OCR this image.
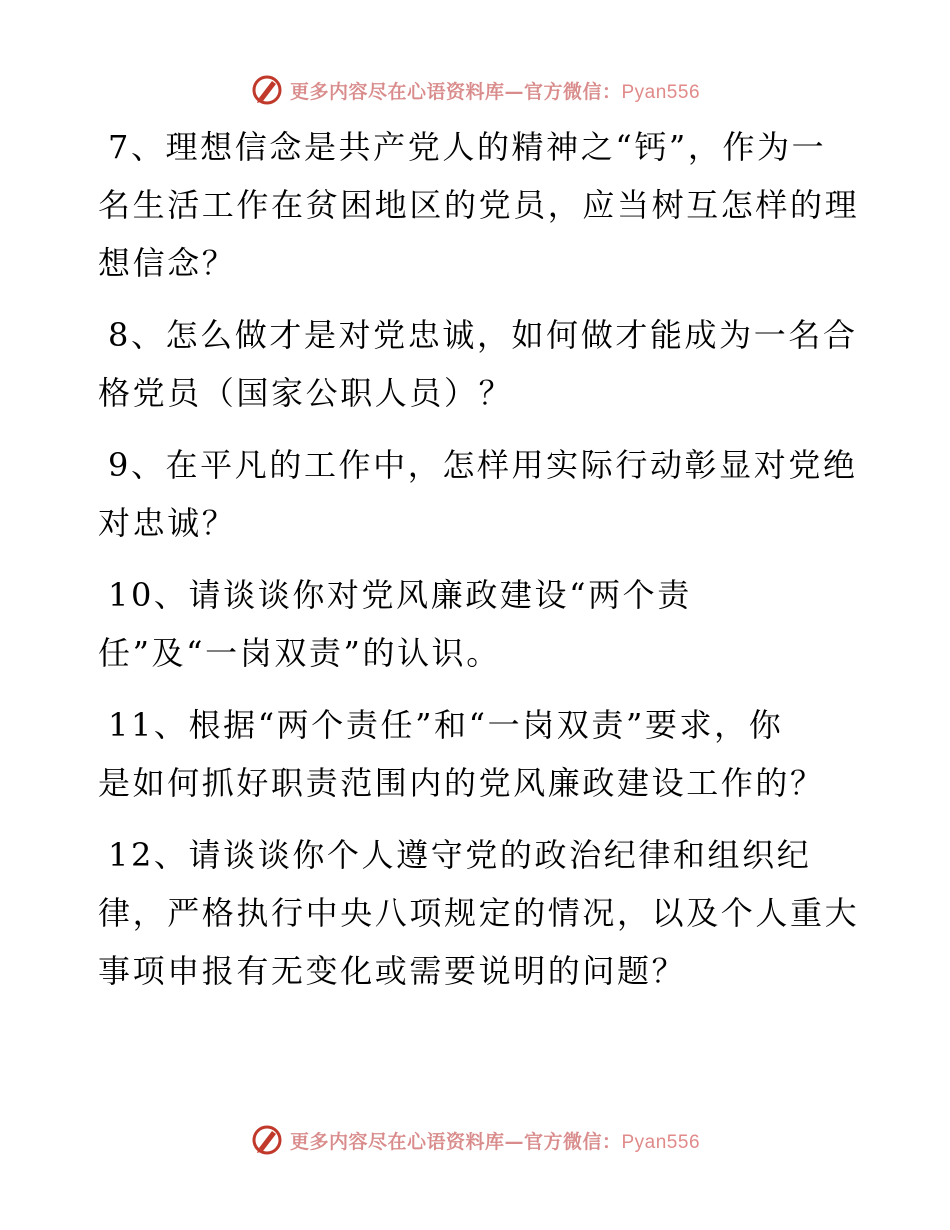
更多内容尽在心语资料库—官方微信：Pyan556
7、理想信念是共产党人的精神之“钙”，作为一
名生活工作在贫困地区的党员，应当树互怎样的理
想信念？
8、怎么做才是对党忠诚，如何做才能成为一名合
格党员（国家公职人员）？
9、在平凡的工作中，怎样用实际行动彰显对党绝
对忠诚？
10、请谈谈你对党风廉政建设“两个责
任”及“一岗双责”的认识。
11、根据“两个责任”和“一岗双责”要求，你
是如何抓好职责范围内的党风廉政建设工作的？
12、请谈谈你个人遵守党的政治纪律和组织纪
律，严格执行中央八项规定的情况，以及个人重大
事项申报有无变化或需要说明的问题？
更多内容尽在心语资料库—官方微信：Pyan556
